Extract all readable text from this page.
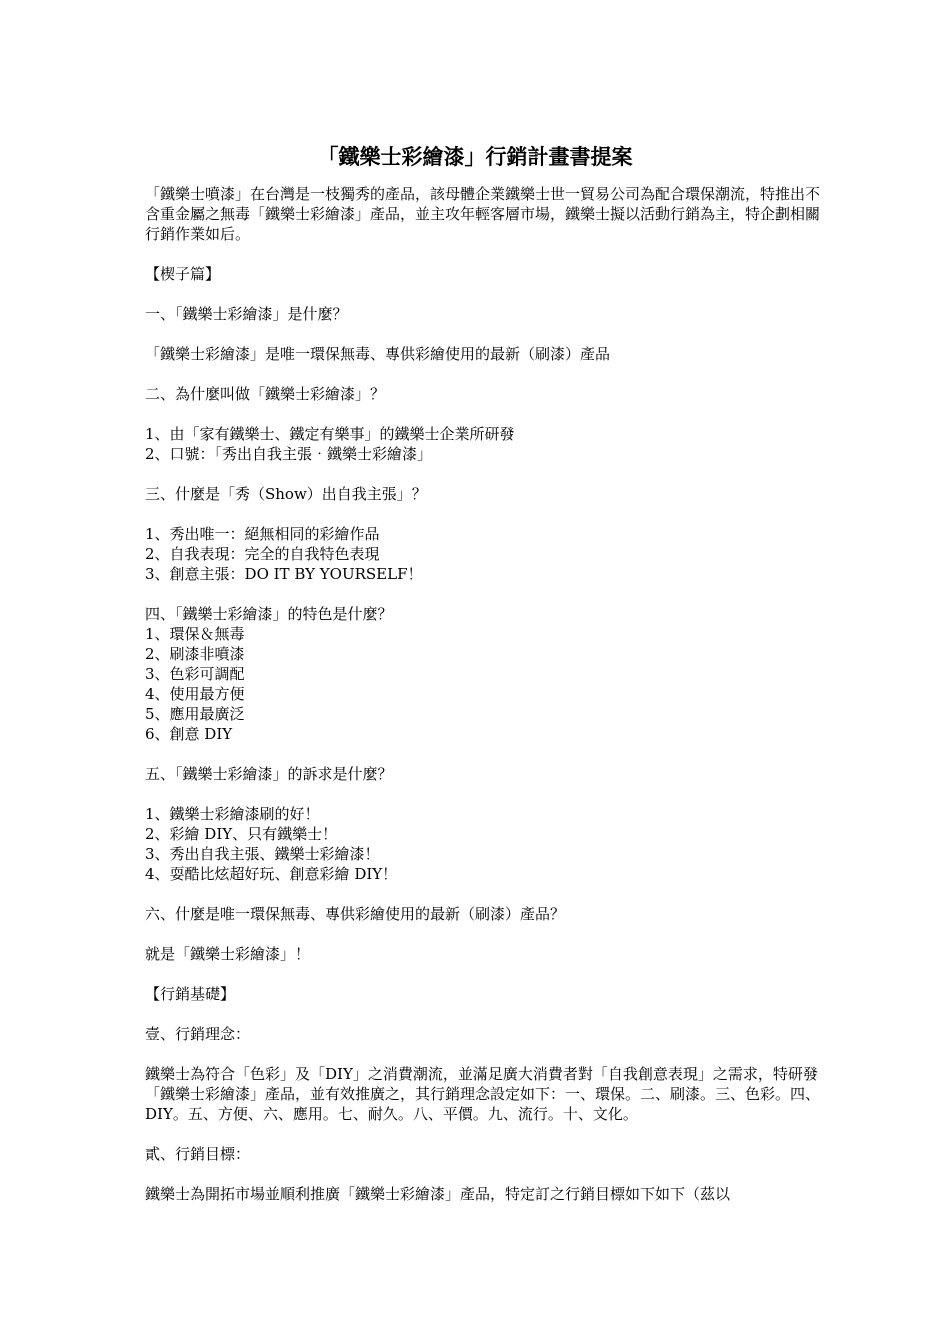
「鐵樂士彩繪漆」行銷計畫書提案

「鐵樂士噴漆」在台灣是一枝獨秀的產品，該母體企業鐵樂士世一貿易公司為配合環保潮流，特推出不含重金屬之無毒「鐵樂士彩繪漆」產品，並主攻年輕客層市場，鐵樂士擬以活動行銷為主，特企劃相關行銷作業如后。

【楔子篇】

一、「鐵樂士彩繪漆」是什麼？

「鐵樂士彩繪漆」是唯一環保無毒、專供彩繪使用的最新（刷漆）產品

二、為什麼叫做「鐵樂士彩繪漆」？

1、由「家有鐵樂士、鐵定有樂事」的鐵樂士企業所研發

2、口號：「秀出自我主張‧鐵樂士彩繪漆」

三、什麼是「秀（Show）出自我主張」？

1、秀出唯一：絕無相同的彩繪作品

2、自我表現：完全的自我特色表現

3、創意主張：DO IT BY YOURSELF！

四、「鐵樂士彩繪漆」的特色是什麼？

1、環保＆無毒

2、刷漆非噴漆

3、色彩可調配

4、使用最方便

5、應用最廣泛

6、創意 DIY

五、「鐵樂士彩繪漆」的訴求是什麼？

1、鐵樂士彩繪漆刷的好！

2、彩繪 DIY、只有鐵樂士！

3、秀出自我主張、鐵樂士彩繪漆！

4、耍酷比炫超好玩、創意彩繪 DIY！

六、什麼是唯一環保無毒、專供彩繪使用的最新（刷漆）產品？

就是「鐵樂士彩繪漆」！

【行銷基礎】

壹、行銷理念：

鐵樂士為符合「色彩」及「DIY」之消費潮流，並滿足廣大消費者對「自我創意表現」之需求，特研發「鐵樂士彩繪漆」產品，並有效推廣之，其行銷理念設定如下：一、環保。二、刷漆。三、色彩。四、DIY。五、方便、六、應用。七、耐久。八、平價。九、流行。十、文化。

貳、行銷目標：

鐵樂士為開拓市場並順利推廣「鐵樂士彩繪漆」產品，特定訂之行銷目標如下如下（茲以
